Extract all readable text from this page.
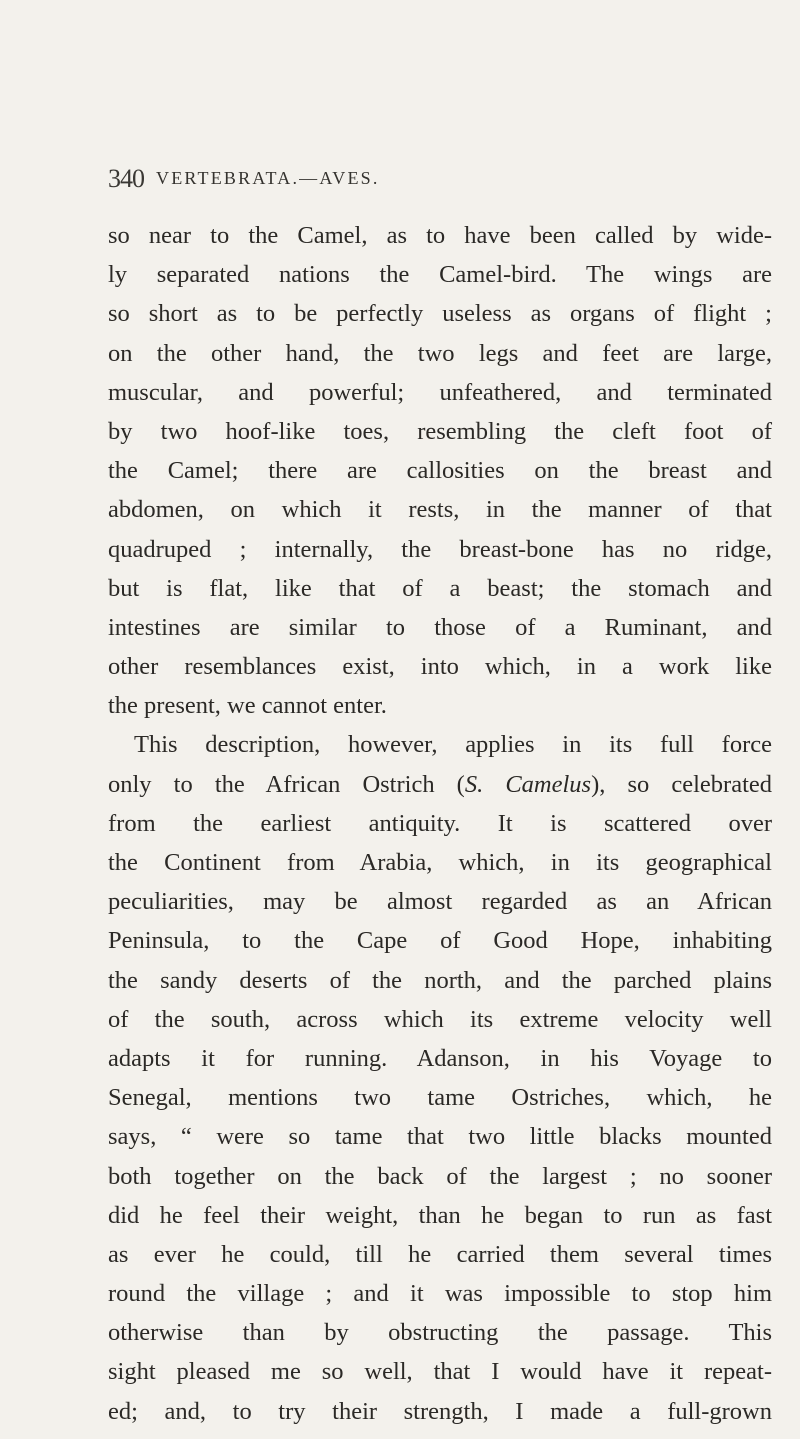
340 VERTEBRATA.—AVES.
so near to the Camel, as to have been called by wide-
ly separated nations the Camel-bird. The wings are
so short as to be perfectly useless as organs of flight ;
on the other hand, the two legs and feet are large,
muscular, and powerful; unfeathered, and terminated
by two hoof-like toes, resembling the cleft foot of
the Camel; there are callosities on the breast and
abdomen, on which it rests, in the manner of that
quadruped ; internally, the breast-bone has no ridge,
but is flat, like that of a beast; the stomach and
intestines are similar to those of a Ruminant, and
other resemblances exist, into which, in a work like
the present, we cannot enter.
This description, however, applies in its full force
only to the African Ostrich (S. Camelus), so celebrated
from the earliest antiquity. It is scattered over
the Continent from Arabia, which, in its geographical
peculiarities, may be almost regarded as an African
Peninsula, to the Cape of Good Hope, inhabiting
the sandy deserts of the north, and the parched plains
of the south, across which its extreme velocity well
adapts it for running. Adanson, in his Voyage to
Senegal, mentions two tame Ostriches, which, he
says, “ were so tame that two little blacks mounted
both together on the back of the largest ; no sooner
did he feel their weight, than he began to run as fast
as ever he could, till he carried them several times
round the village ; and it was impossible to stop him
otherwise than by obstructing the passage. This
sight pleased me so well, that I would have it repeat-
ed; and, to try their strength, I made a full-grown
